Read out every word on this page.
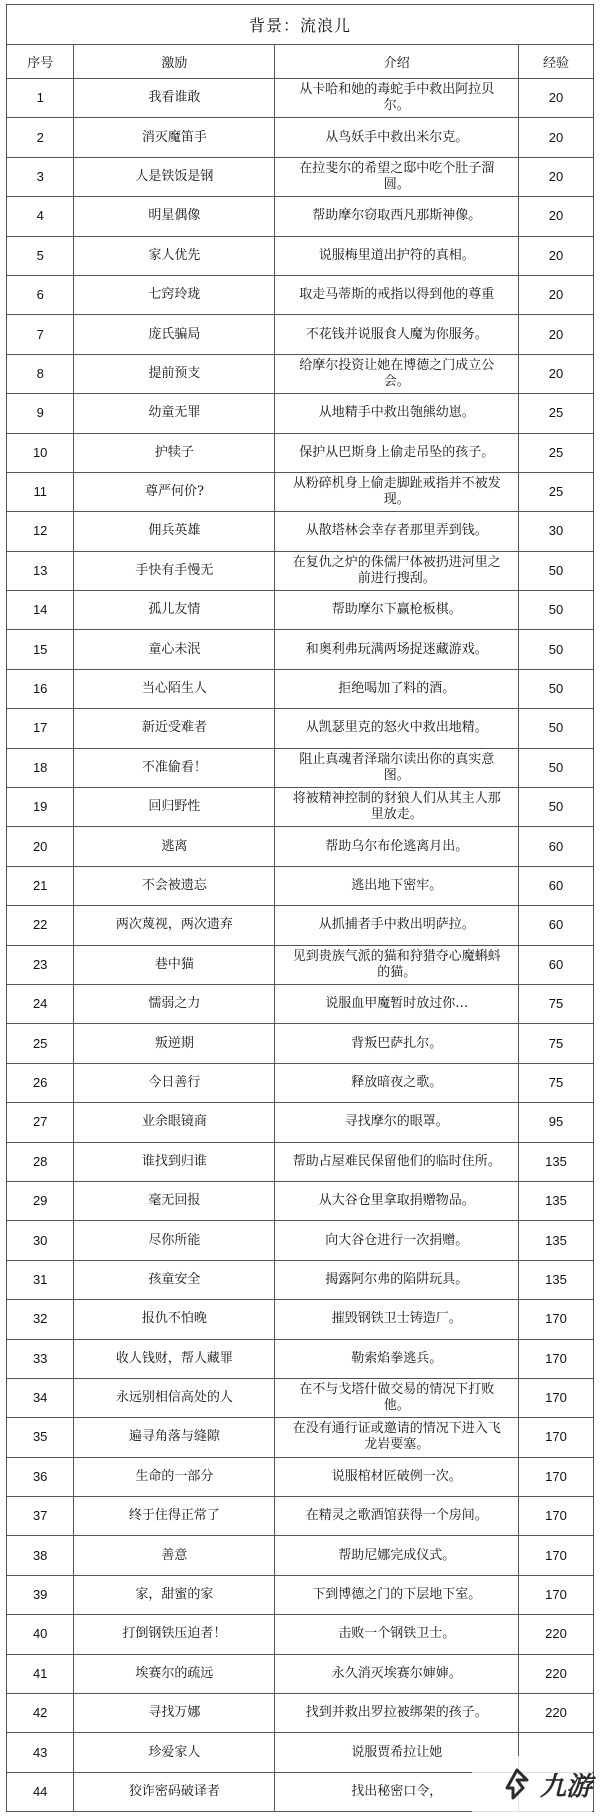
背景：流浪儿			
序号	激励	介绍	经验
1	我看谁敢	从卡哈和她的毒蛇手中救出阿拉贝尔。	20
2	消灭魔笛手	从鸟妖手中救出米尔克。	20
3	人是铁饭是钢	在拉斐尔的希望之邸中吃个肚子溜圆。	20
4	明星偶像	帮助摩尔窃取西凡那斯神像。	20
5	家人优先	说服梅里道出护符的真相。	20
6	七窍玲珑	取走马蒂斯的戒指以得到他的尊重	20
7	庞氏骗局	不花钱并说服食人魔为你服务。	20
8	提前预支	给摩尔投资让她在博德之门成立公会。	20
9	幼童无罪	从地精手中救出匏熊幼崽。	25
10	护犊子	保护从巴斯身上偷走吊坠的孩子。	25
11	尊严何价?	从粉碎机身上偷走脚趾戒指并不被发现。	25
12	佣兵英雄	从散塔林会幸存者那里弄到钱。	30
13	手快有手慢无	在复仇之炉的侏儒尸体被扔进河里之前进行搜刮。	50
14	孤儿友情	帮助摩尔下赢枪板棋。	50
15	童心未泯	和奥利弗玩满两场捉迷藏游戏。	50
16	当心陌生人	拒绝喝加了料的酒。	50
17	新近受难者	从凯瑟里克的怒火中救出地精。	50
18	不准偷看！	阻止真魂者泽瑞尔读出你的真实意图。	50
19	回归野性	将被精神控制的豺狼人们从其主人那里放走。	50
20	逃离	帮助乌尔布伦逃离月出。	60
21	不会被遗忘	逃出地下密牢。	60
22	两次蔑视，两次遗弃	从抓捕者手中救出明萨拉。	60
23	巷中猫	见到贵族气派的猫和狩猎夺心魔蝌蚪的猫。	60
24	懦弱之力	说服血甲魔暂时放过你…	75
25	叛逆期	背叛巴萨扎尔。	75
26	今日善行	释放暗夜之歌。	75
27	业余眼镜商	寻找摩尔的眼罩。	95
28	谁找到归谁	帮助占屋难民保留他们的临时住所。	135
29	毫无回报	从大谷仓里拿取捐赠物品。	135
30	尽你所能	向大谷仓进行一次捐赠。	135
31	孩童安全	揭露阿尔弗的陷阱玩具。	135
32	报仇不怕晚	摧毁钢铁卫士铸造厂。	170
33	收人钱财，帮人藏罪	勒索焰拳逃兵。	170
34	永远别相信高处的人	在不与戈塔什做交易的情况下打败他。	170
35	遍寻角落与缝隙	在没有通行证或邀请的情况下进入飞龙岩要塞。	170
36	生命的一部分	说服棺材匠破例一次。	170
37	终于住得正常了	在精灵之歌酒馆获得一个房间。	170
38	善意	帮助尼娜完成仪式。	170
39	家，甜蜜的家	下到博德之门的下层地下室。	170
40	打倒钢铁压迫者！	击败一个钢铁卫士。	220
41	埃赛尔的疏远	永久消灭埃赛尔婶婶。	220
42	寻找万娜	找到并救出罗拉被绑架的孩子。	220
43	珍爱家人	说服贾希拉让她	
44	狡诈密码破译者	找出秘密口令，		九游
